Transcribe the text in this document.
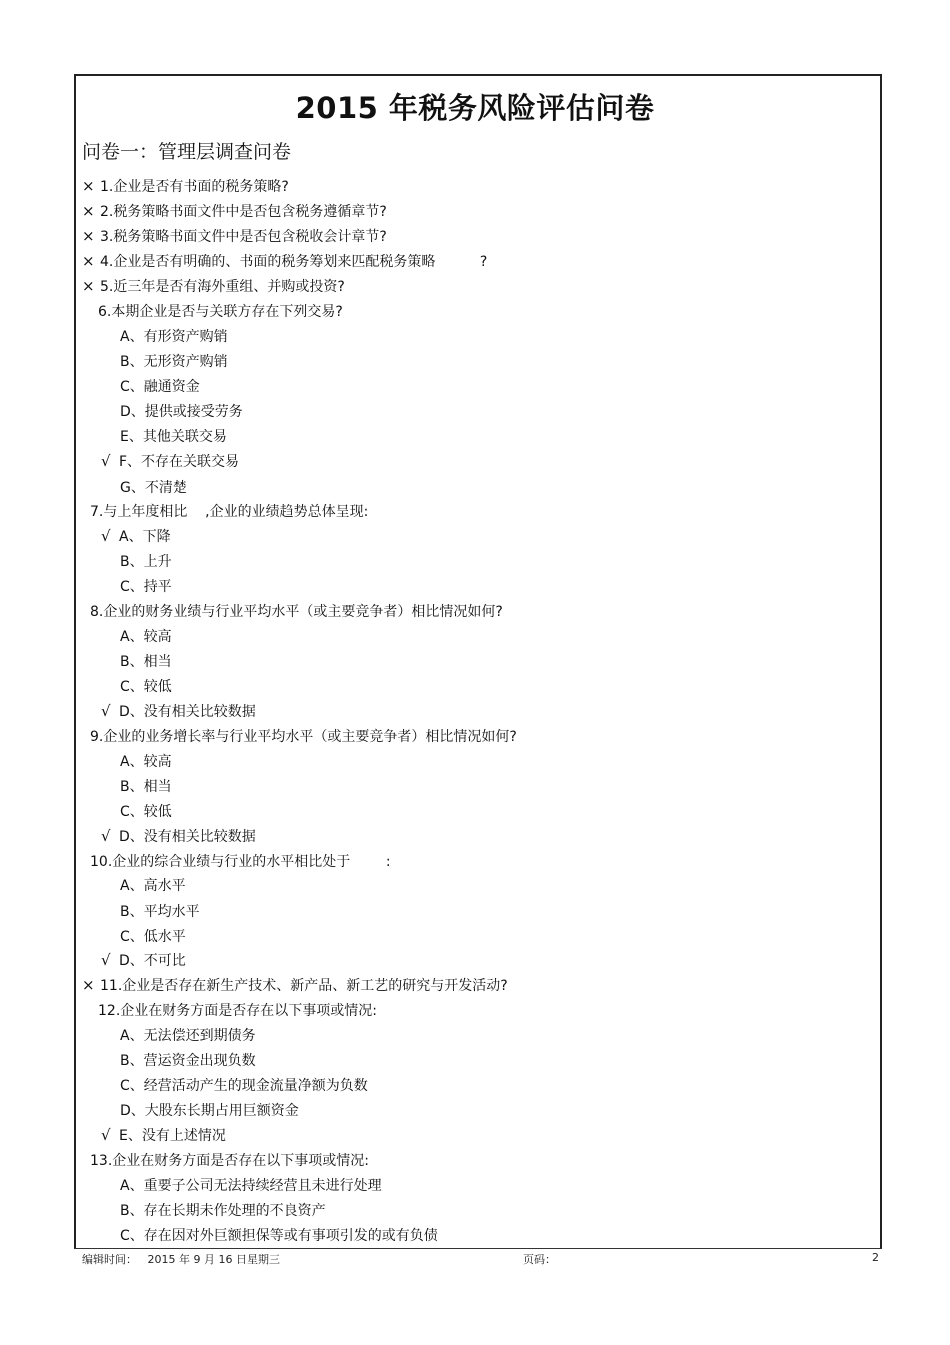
2015 年税务风险评估问卷
问卷一：管理层调查问卷
× 1.企业是否有书面的税务策略?
× 2.税务策略书面文件中是否包含税务遵循章节?
× 3.税务策略书面文件中是否包含税收会计章节?
× 4.企业是否有明确的、书面的税务筹划来匹配税务策略          ?
× 5.近三年是否有海外重组、并购或投资?
6.本期企业是否与关联方存在下列交易?
A、有形资产购销
B、无形资产购销
C、融通资金
D、提供或接受劳务
E、其他关联交易
√ F、不存在关联交易
G、不清楚
7.与上年度相比    ,企业的业绩趋势总体呈现:
√ A、下降
B、上升
C、持平
8.企业的财务业绩与行业平均水平（或主要竞争者）相比情况如何?
A、较高
B、相当
C、较低
√ D、没有相关比较数据
9.企业的业务增长率与行业平均水平（或主要竞争者）相比情况如何?
A、较高
B、相当
C、较低
√ D、没有相关比较数据
10.企业的综合业绩与行业的水平相比处于        :
A、高水平
B、平均水平
C、低水平
√ D、不可比
× 11.企业是否存在新生产技术、新产品、新工艺的研究与开发活动?
12.企业在财务方面是否存在以下事项或情况:
A、无法偿还到期债务
B、营运资金出现负数
C、经营活动产生的现金流量净额为负数
D、大股东长期占用巨额资金
√ E、没有上述情况
13.企业在财务方面是否存在以下事项或情况:
A、重要子公司无法持续经营且未进行处理
B、存在长期未作处理的不良资产
C、存在因对外巨额担保等或有事项引发的或有负债
编辑时间：   2015 年 9 月 16 日星期三	页码：	2
